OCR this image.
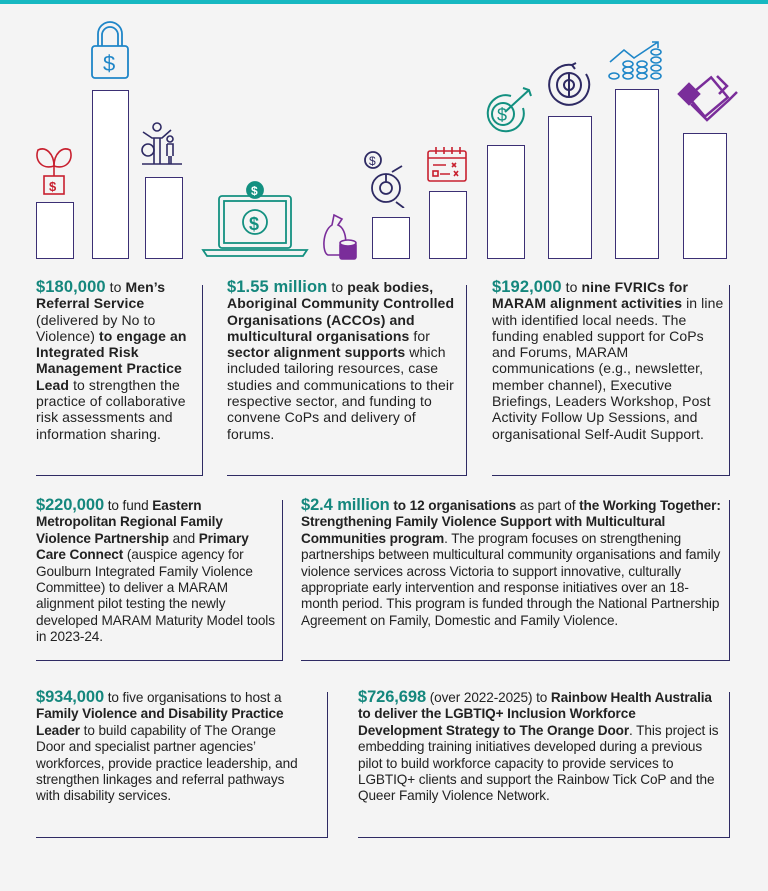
$
$
$
$
$
$
$180,000 to Men’s Referral Service (delivered by No to Violence) to engage an Integrated Risk Management Practice Lead to strengthen the practice of collaborative risk assessments and information sharing.
$1.55 million to peak bodies, Aboriginal Community Controlled Organisations (ACCOs) and multicultural organisations for sector alignment supports which included tailoring resources, case studies and communications to their respective sector, and funding to convene CoPs and delivery of forums.
$192,000 to nine FVRICs for MARAM alignment activities in line with identified local needs. The funding enabled support for CoPs and Forums, MARAM communications (e.g., newsletter, member channel), Executive Briefings, Leaders Workshop, Post Activity Follow Up Sessions, and organisational Self-Audit Support.
$220,000 to fund Eastern Metropolitan Regional Family Violence Partnership and Primary Care Connect (auspice agency for Goulburn Integrated Family Violence Committee) to deliver a MARAM alignment pilot testing the newly developed MARAM Maturity Model tools in 2023-24.
$2.4 million to 12 organisations as part of the Working Together: Strengthening Family Violence Support with Multicultural Communities program. The program focuses on strengthening partnerships between multicultural community organisations and family violence services across Victoria to support innovative, culturally appropriate early intervention and response initiatives over an 18-month period. This program is funded through the National Partnership Agreement on Family, Domestic and Family Violence.
$934,000 to five organisations to host a Family Violence and Disability Practice Leader to build capability of The Orange Door and specialist partner agencies’ workforces, provide practice leadership, and strengthen linkages and referral pathways with disability services.
$726,698 (over 2022-2025) to Rainbow Health Australia to deliver the LGBTIQ+ Inclusion Workforce Development Strategy to The Orange Door. This project is embedding training initiatives developed during a previous pilot to build workforce capacity to provide services to LGBTIQ+ clients and support the Rainbow Tick CoP and the Queer Family Violence Network.
